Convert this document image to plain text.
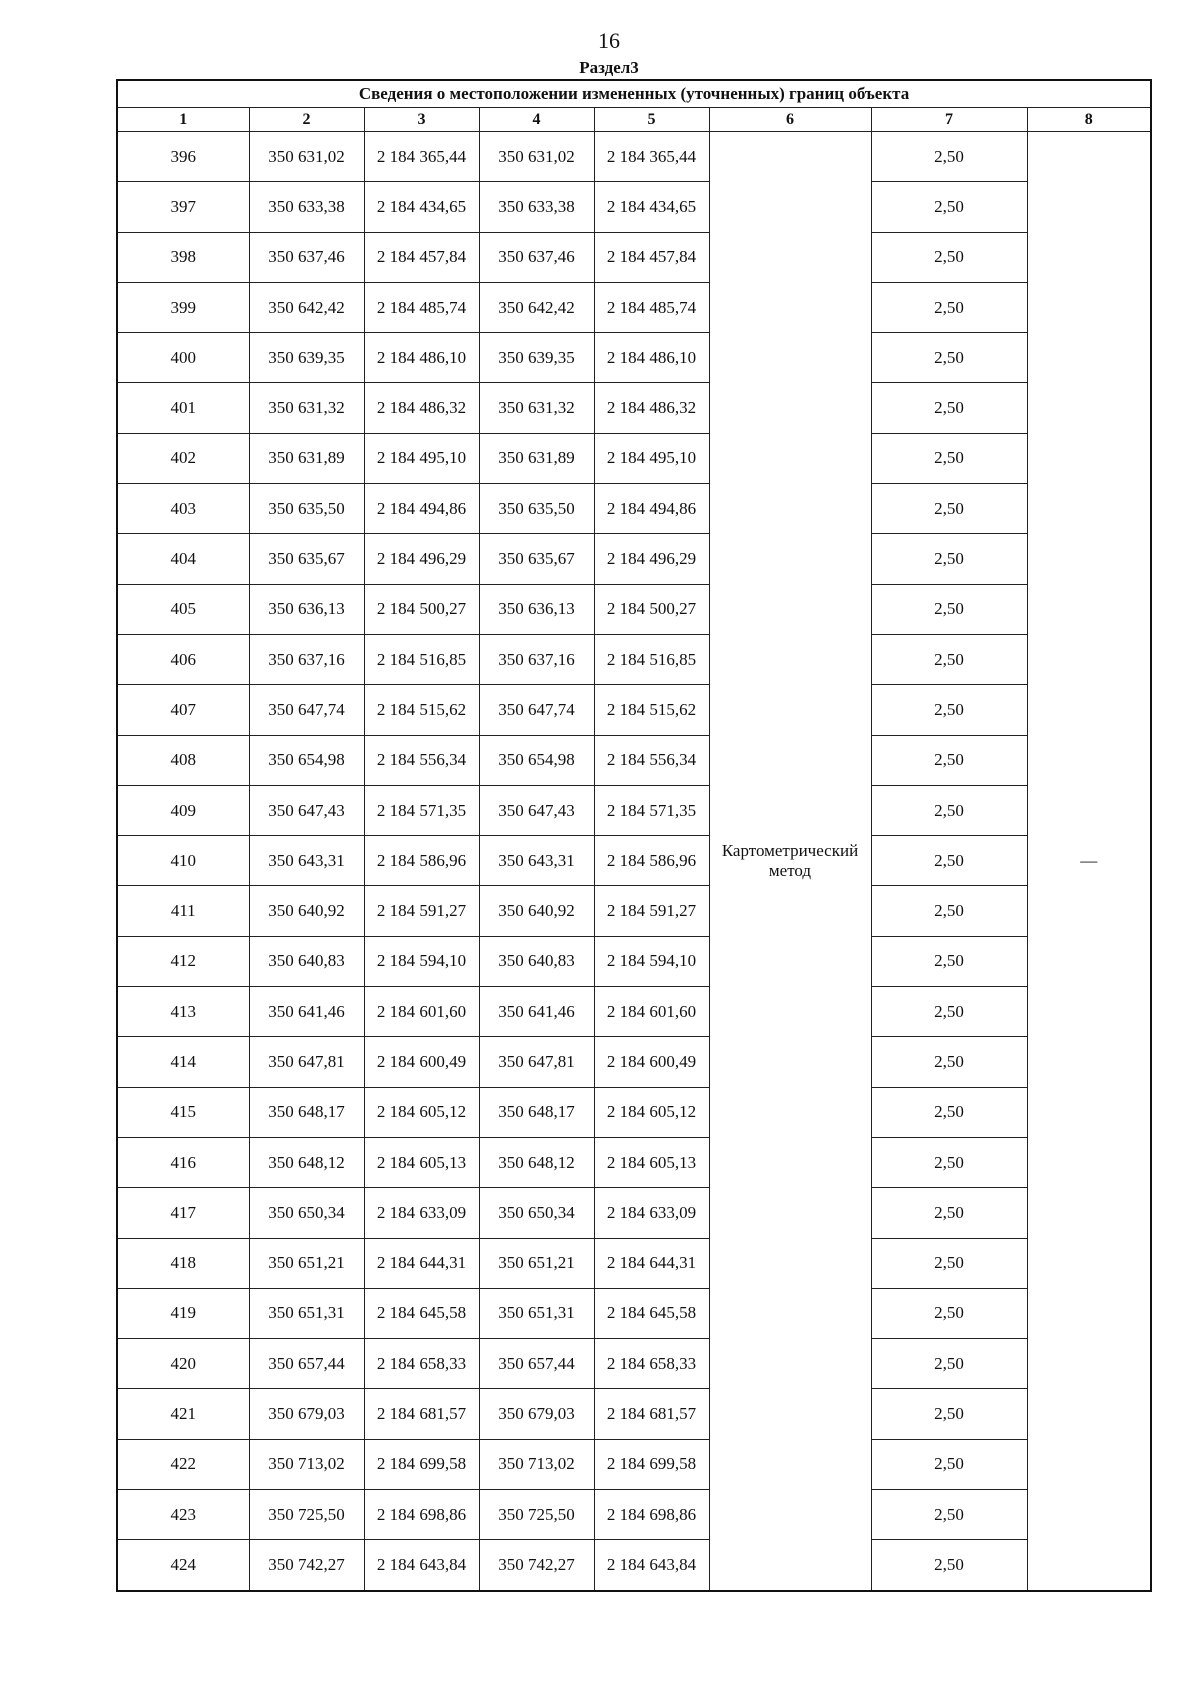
16
Раздел3
Сведения о местоположении измененных (уточненных) границ объекта							
1	2	3	4	5	6	7	8
396	350 631,02	2 184 365,44	350 631,02	2 184 365,44	Картометрический метод	2,50	—
397	350 633,38	2 184 434,65	350 633,38	2 184 434,65		2,50	
398	350 637,46	2 184 457,84	350 637,46	2 184 457,84		2,50	
399	350 642,42	2 184 485,74	350 642,42	2 184 485,74		2,50	
400	350 639,35	2 184 486,10	350 639,35	2 184 486,10		2,50	
401	350 631,32	2 184 486,32	350 631,32	2 184 486,32		2,50	
402	350 631,89	2 184 495,10	350 631,89	2 184 495,10		2,50	
403	350 635,50	2 184 494,86	350 635,50	2 184 494,86		2,50	
404	350 635,67	2 184 496,29	350 635,67	2 184 496,29		2,50	
405	350 636,13	2 184 500,27	350 636,13	2 184 500,27		2,50	
406	350 637,16	2 184 516,85	350 637,16	2 184 516,85		2,50	
407	350 647,74	2 184 515,62	350 647,74	2 184 515,62		2,50	
408	350 654,98	2 184 556,34	350 654,98	2 184 556,34		2,50	
409	350 647,43	2 184 571,35	350 647,43	2 184 571,35		2,50	
410	350 643,31	2 184 586,96	350 643,31	2 184 586,96		2,50	
411	350 640,92	2 184 591,27	350 640,92	2 184 591,27		2,50	
412	350 640,83	2 184 594,10	350 640,83	2 184 594,10		2,50	
413	350 641,46	2 184 601,60	350 641,46	2 184 601,60		2,50	
414	350 647,81	2 184 600,49	350 647,81	2 184 600,49		2,50	
415	350 648,17	2 184 605,12	350 648,17	2 184 605,12		2,50	
416	350 648,12	2 184 605,13	350 648,12	2 184 605,13		2,50	
417	350 650,34	2 184 633,09	350 650,34	2 184 633,09		2,50	
418	350 651,21	2 184 644,31	350 651,21	2 184 644,31		2,50	
419	350 651,31	2 184 645,58	350 651,31	2 184 645,58		2,50	
420	350 657,44	2 184 658,33	350 657,44	2 184 658,33		2,50	
421	350 679,03	2 184 681,57	350 679,03	2 184 681,57		2,50	
422	350 713,02	2 184 699,58	350 713,02	2 184 699,58		2,50	
423	350 725,50	2 184 698,86	350 725,50	2 184 698,86		2,50	
424	350 742,27	2 184 643,84	350 742,27	2 184 643,84		2,50	
